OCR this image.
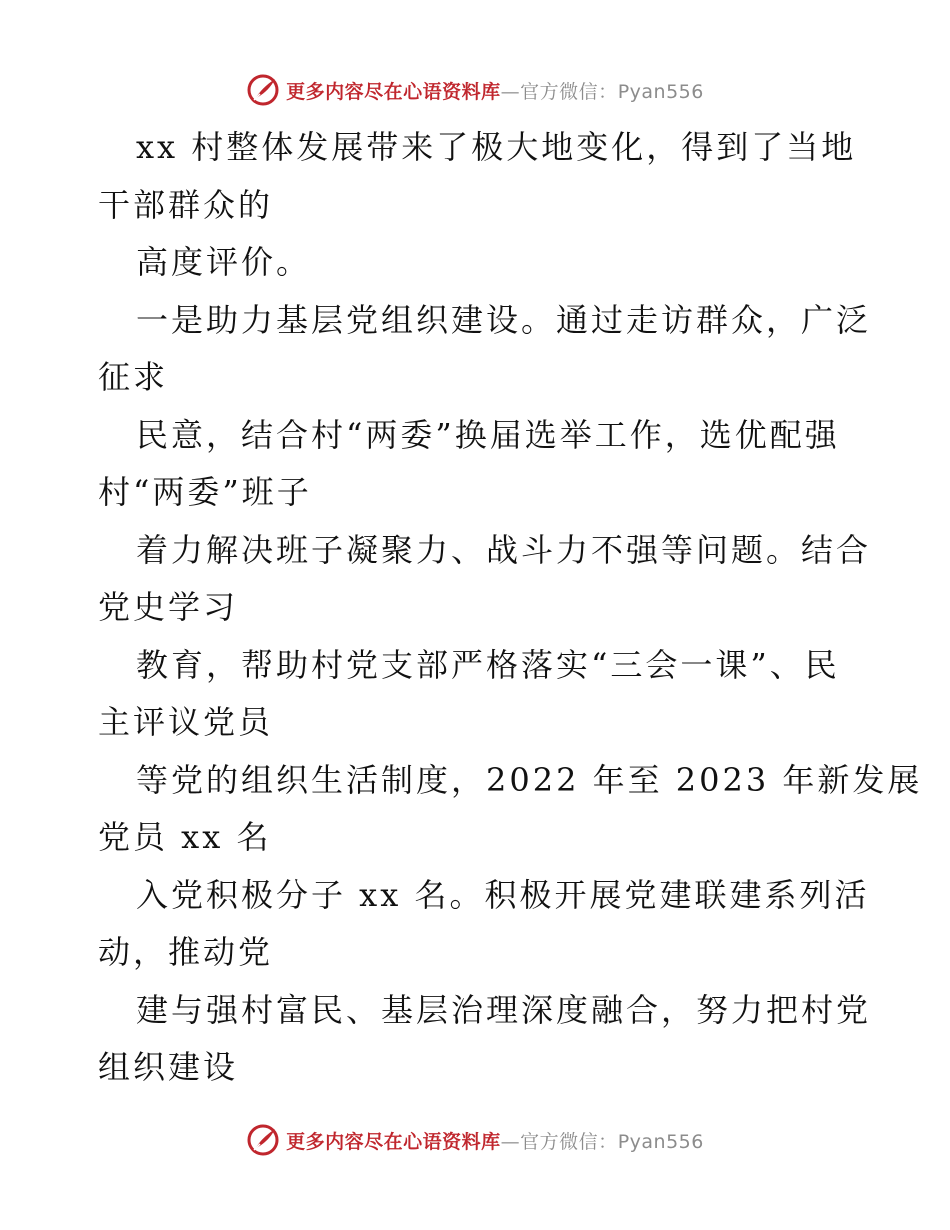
更多内容尽在心语资料库—官方微信：Pyan556
xx 村整体发展带来了极大地变化，得到了当地
干部群众的
高度评价。
一是助力基层党组织建设。通过走访群众，广泛
征求
民意，结合村“两委”换届选举工作，选优配强
村“两委”班子
着力解决班子凝聚力、战斗力不强等问题。结合
党史学习
教育，帮助村党支部严格落实“三会一课”、民
主评议党员
等党的组织生活制度，2022 年至 2023 年新发展
党员 xx 名
入党积极分子 xx 名。积极开展党建联建系列活
动，推动党
建与强村富民、基层治理深度融合，努力把村党
组织建设
更多内容尽在心语资料库—官方微信：Pyan556
